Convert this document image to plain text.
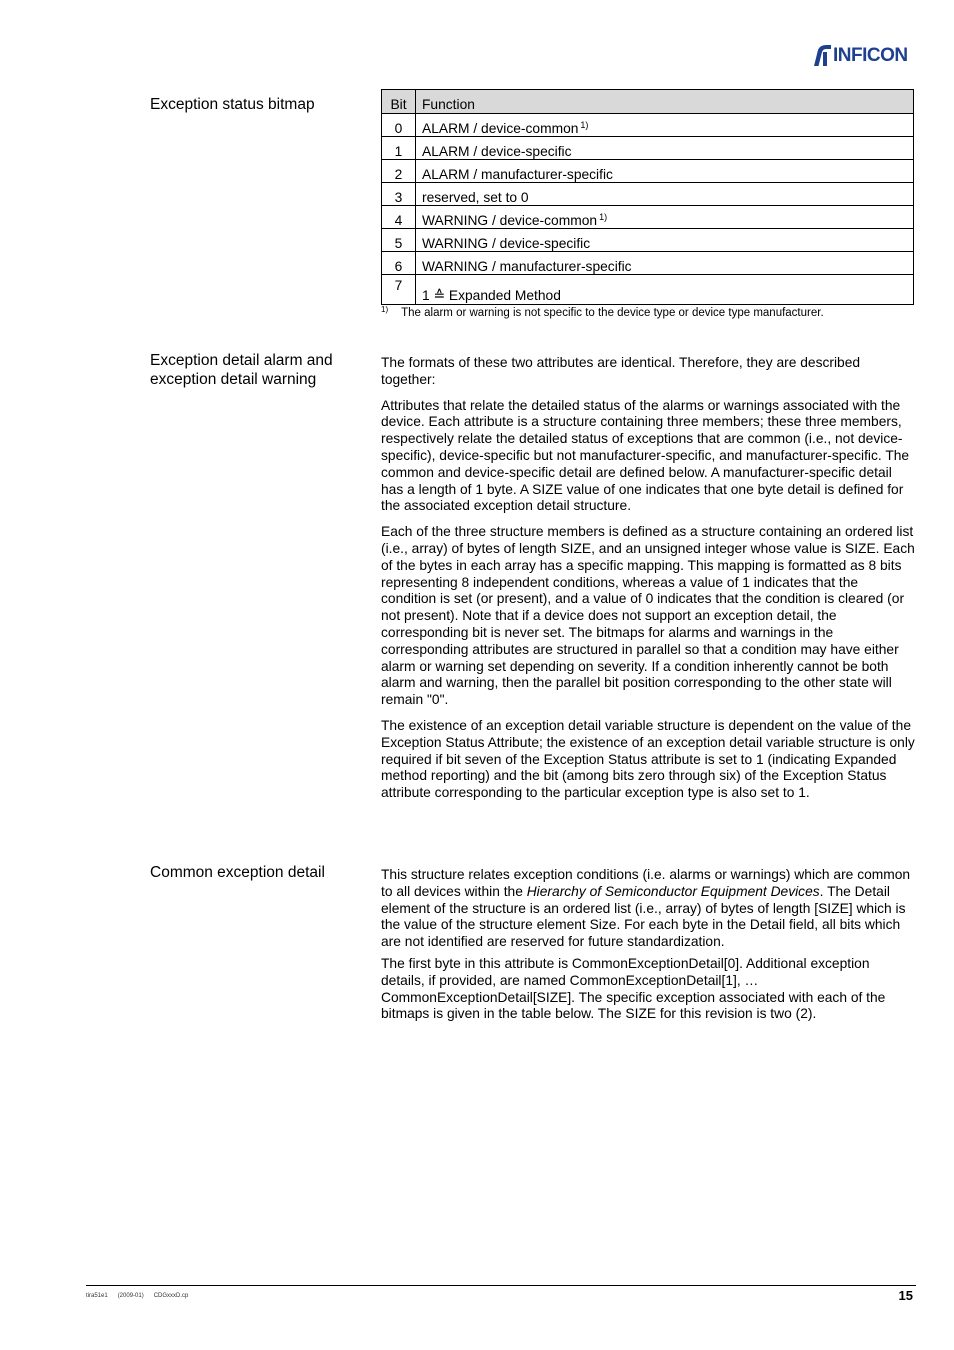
INFICON
Exception status bitmap	Bit	Function
0	ALARM / device-common $^{1)}$
1	ALARM / device-specific
2	ALARM / manufacturer-specific
3	reserved, set to 0
4	WARNING / device-common $^{1)}$
5	WARNING / device-specific
6	WARNING / manufacturer-specific
7	1 ≙ Expanded Method
$^{1)}$ The alarm or warning is not specific to the device type or device type manufacturer.
Exception detail alarm and exception detail warning

The formats of these two attributes are identical. Therefore, they are described together:

Attributes that relate the detailed status of the alarms or warnings associated with the device. Each attribute is a structure containing three members; these three members, respectively relate the detailed status of exceptions that are common (i.e., not device-specific), device-specific but not manufacturer-specific, and manufacturer-specific. The common and device-specific detail are defined below. A manufacturer-specific detail has a length of 1 byte. A SIZE value of one indicates that one byte detail is defined for the associated exception detail structure.

Each of the three structure members is defined as a structure containing an ordered list (i.e., array) of bytes of length SIZE, and an unsigned integer whose value is SIZE. Each of the bytes in each array has a specific mapping. This mapping is formatted as 8 bits representing 8 independent conditions, whereas a value of 1 indicates that the condition is set (or present), and a value of 0 indicates that the condition is cleared (or not present). Note that if a device does not support an exception detail, the corresponding bit is never set. The bitmaps for alarms and warnings in the corresponding attributes are structured in parallel so that a condition may have either alarm or warning set depending on severity. If a condition inherently cannot be both alarm and warning, then the parallel bit position corresponding to the other state will remain "0".

The existence of an exception detail variable structure is dependent on the value of the Exception Status Attribute; the existence of an exception detail variable structure is only required if bit seven of the Exception Status attribute is set to 1 (indicating Expanded method reporting) and the bit (among bits zero through six) of the Exception Status attribute corresponding to the particular exception type is also set to 1.

Common exception detail	This structure relates exception conditions (i.e. alarms or warnings) which are common to all devices within the Hierarchy of Semiconductor Equipment Devices. The Detail element of the structure is an ordered list (i.e., array) of bytes of length [SIZE] which is the value of the structure element Size. For each byte in the Detail field, all bits which are not identified are reserved for future standardization.

The first byte in this attribute is CommonExceptionDetail[0]. Additional exception details, if provided, are named CommonExceptionDetail[1], … CommonExceptionDetail[SIZE]. The specific exception associated with each of the bitmaps is given in the table below. The SIZE for this revision is two (2).

tira51e1 (2009-01) CDGxxxD.cp	15
